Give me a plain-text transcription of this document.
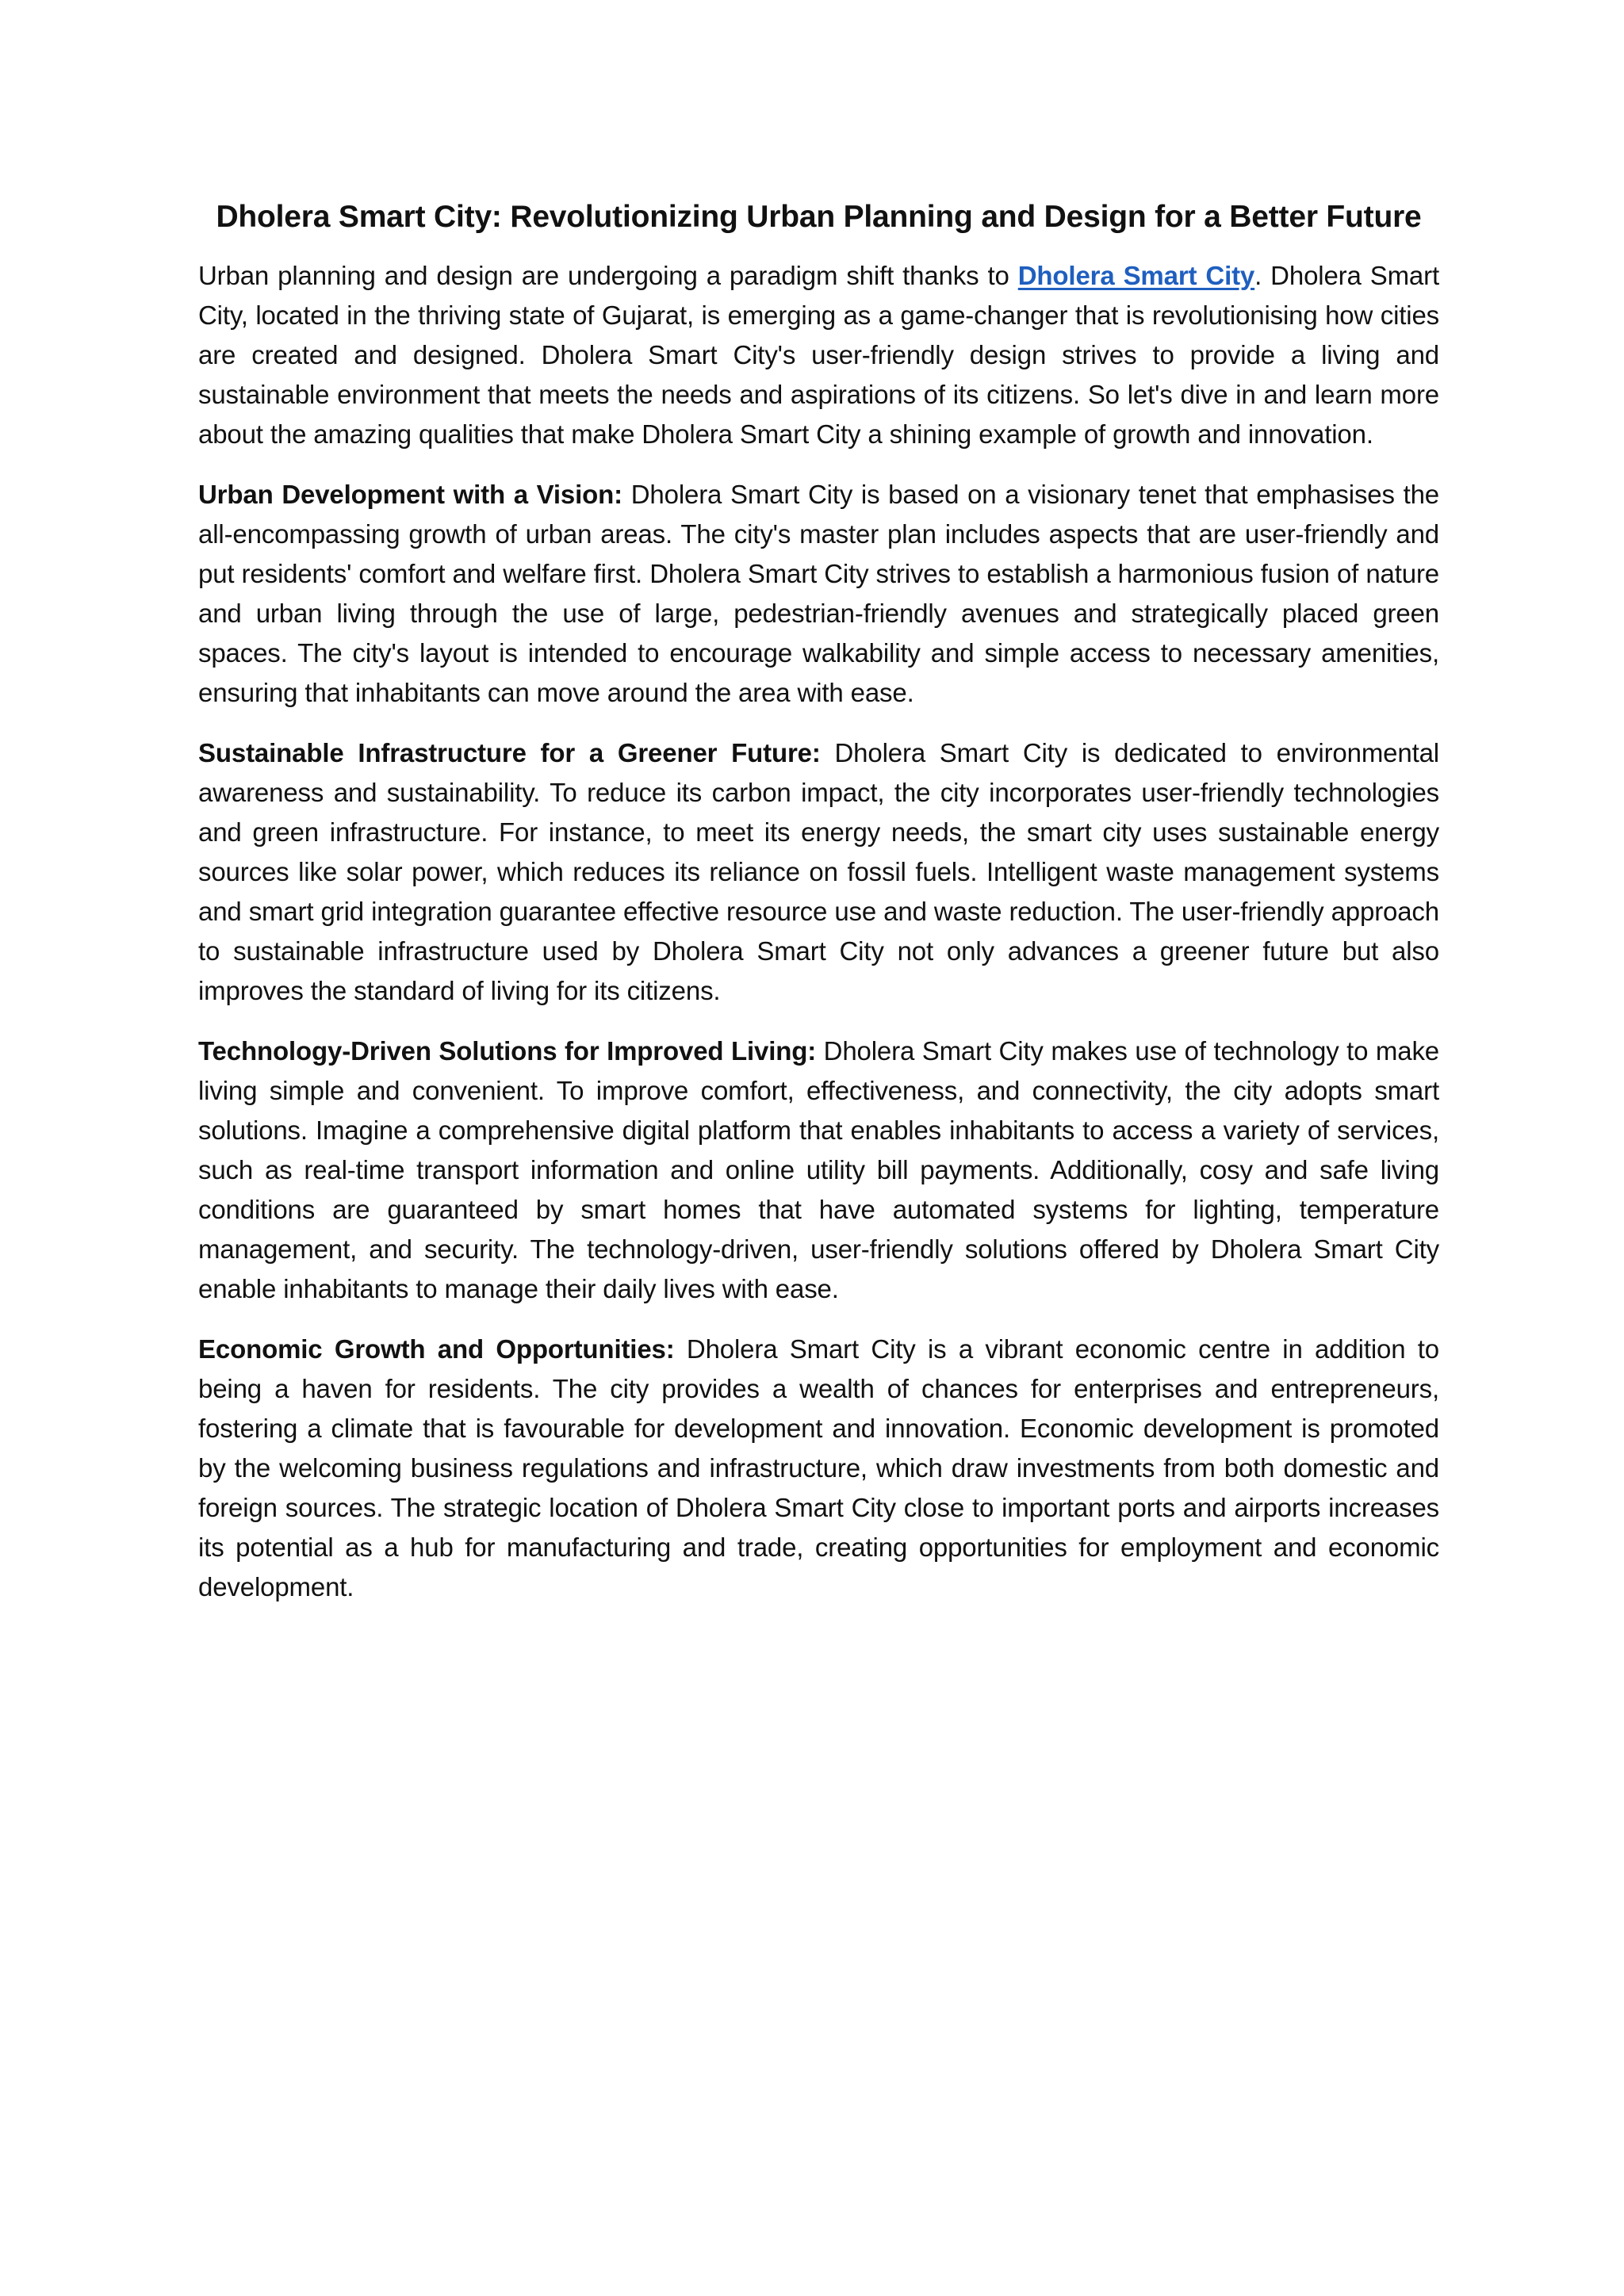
Dholera Smart City: Revolutionizing Urban Planning and Design for a Better Future

Urban planning and design are undergoing a paradigm shift thanks to Dholera Smart City. Dholera Smart City, located in the thriving state of Gujarat, is emerging as a game-changer that is revolutionising how cities are created and designed. Dholera Smart City's user-friendly design strives to provide a living and sustainable environment that meets the needs and aspirations of its citizens. So let's dive in and learn more about the amazing qualities that make Dholera Smart City a shining example of growth and innovation.

Urban Development with a Vision: Dholera Smart City is based on a visionary tenet that emphasises the all-encompassing growth of urban areas. The city's master plan includes aspects that are user-friendly and put residents' comfort and welfare first. Dholera Smart City strives to establish a harmonious fusion of nature and urban living through the use of large, pedestrian-friendly avenues and strategically placed green spaces. The city's layout is intended to encourage walkability and simple access to necessary amenities, ensuring that inhabitants can move around the area with ease.

Sustainable Infrastructure for a Greener Future: Dholera Smart City is dedicated to environmental awareness and sustainability. To reduce its carbon impact, the city incorporates user-friendly technologies and green infrastructure. For instance, to meet its energy needs, the smart city uses sustainable energy sources like solar power, which reduces its reliance on fossil fuels. Intelligent waste management systems and smart grid integration guarantee effective resource use and waste reduction. The user-friendly approach to sustainable infrastructure used by Dholera Smart City not only advances a greener future but also improves the standard of living for its citizens.

Technology-Driven Solutions for Improved Living: Dholera Smart City makes use of technology to make living simple and convenient. To improve comfort, effectiveness, and connectivity, the city adopts smart solutions. Imagine a comprehensive digital platform that enables inhabitants to access a variety of services, such as real-time transport information and online utility bill payments. Additionally, cosy and safe living conditions are guaranteed by smart homes that have automated systems for lighting, temperature management, and security. The technology-driven, user-friendly solutions offered by Dholera Smart City enable inhabitants to manage their daily lives with ease.

Economic Growth and Opportunities: Dholera Smart City is a vibrant economic centre in addition to being a haven for residents. The city provides a wealth of chances for enterprises and entrepreneurs, fostering a climate that is favourable for development and innovation. Economic development is promoted by the welcoming business regulations and infrastructure, which draw investments from both domestic and foreign sources. The strategic location of Dholera Smart City close to important ports and airports increases its potential as a hub for manufacturing and trade, creating opportunities for employment and economic development.
